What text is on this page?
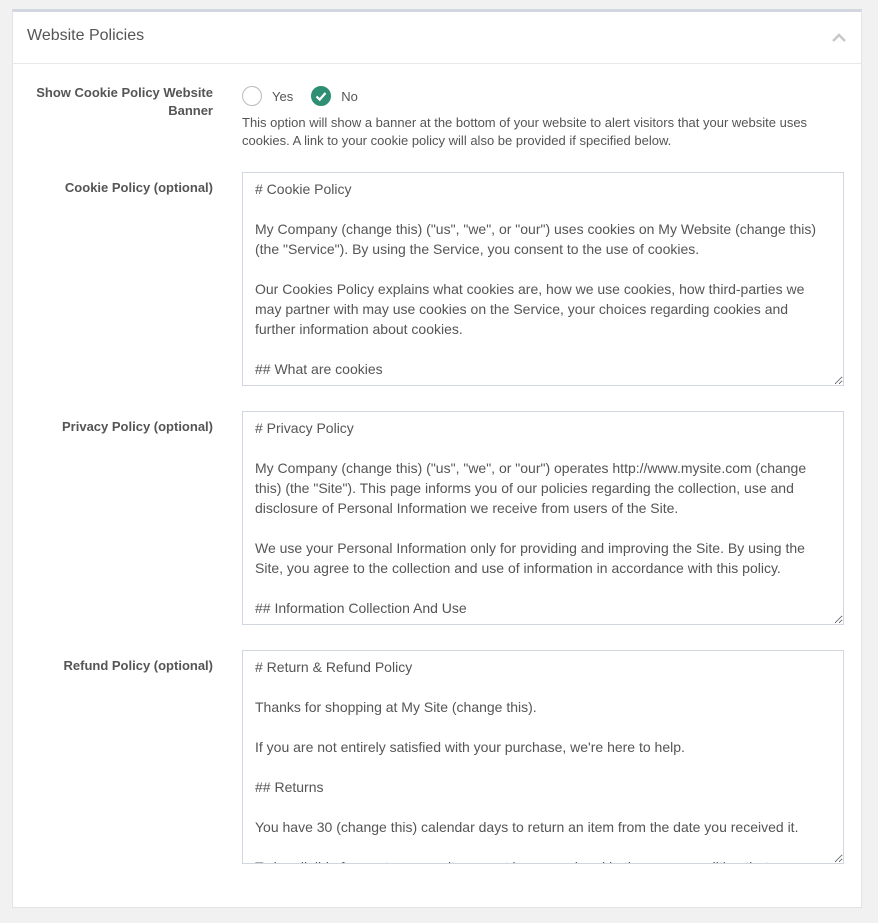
Website Policies
Show Cookie Policy Website Banner
Yes	No
This option will show a banner at the bottom of your website to alert visitors that your website uses cookies. A link to your cookie policy will also be provided if specified below.
Cookie Policy (optional)
# Cookie Policy My Company (change this) ("us", "we", or "our") uses cookies on My Website (change this) (the "Service"). By using the Service, you consent to the use of cookies. Our Cookies Policy explains what cookies are, how we use cookies, how third-parties we may partner with may use cookies on the Service, your choices regarding cookies and further information about cookies. ## What are cookies
Privacy Policy (optional)
# Privacy Policy My Company (change this) ("us", "we", or "our") operates http://www.mysite.com (change this) (the "Site"). This page informs you of our policies regarding the collection, use and disclosure of Personal Information we receive from users of the Site. We use your Personal Information only for providing and improving the Site. By using the Site, you agree to the collection and use of information in accordance with this policy. ## Information Collection And Use
Refund Policy (optional)
# Return & Refund Policy Thanks for shopping at My Site (change this). If you are not entirely satisfied with your purchase, we're here to help. ## Returns You have 30 (change this) calendar days to return an item from the date you received it. To be eligible for a return, your item must be unused and in the same condition that you received it.
